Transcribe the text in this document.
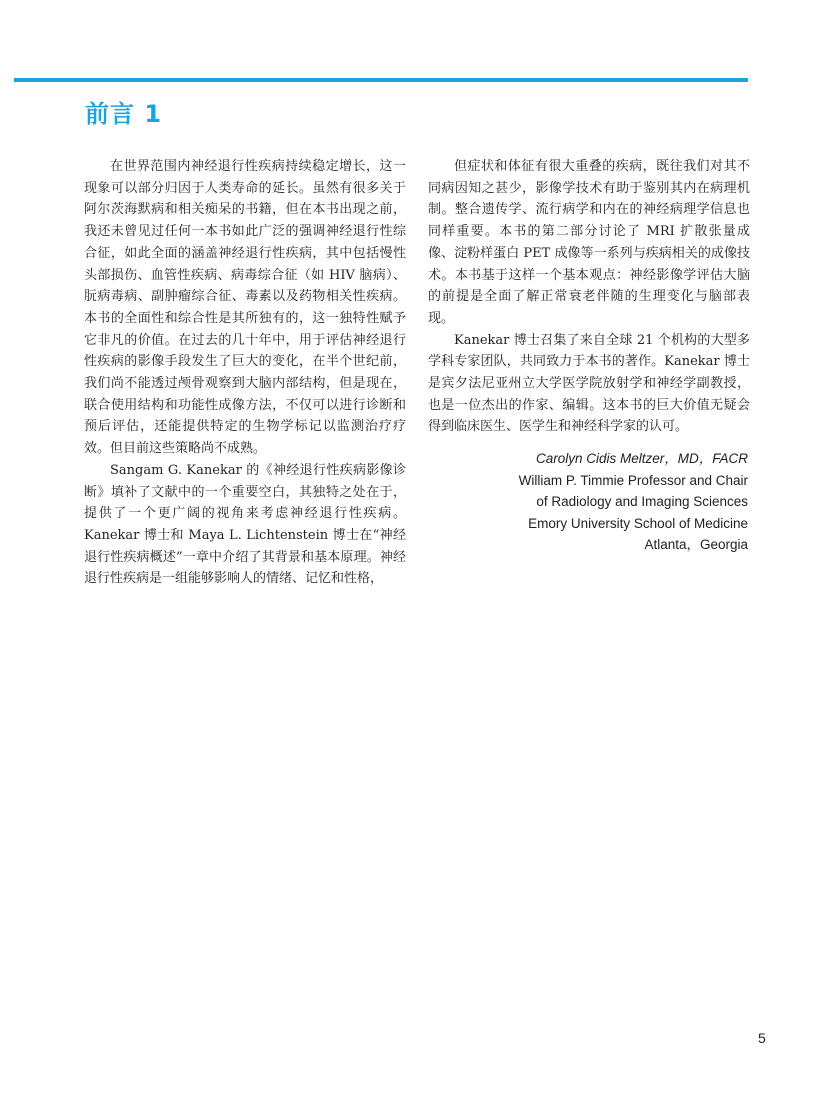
前言 1

在世界范围内神经退行性疾病持续稳定增长，这一现象可以部分归因于人类寿命的延长。虽然有很多关于阿尔茨海默病和相关痴呆的书籍，但在本书出现之前，我还未曾见过任何一本书如此广泛的强调神经退行性综合征，如此全面的涵盖神经退行性疾病，其中包括慢性头部损伤、血管性疾病、病毒综合征（如 HIV 脑病）、朊病毒病、副肿瘤综合征、毒素以及药物相关性疾病。本书的全面性和综合性是其所独有的，这一独特性赋予它非凡的价值。在过去的几十年中，用于评估神经退行性疾病的影像手段发生了巨大的变化，在半个世纪前，我们尚不能透过颅骨观察到大脑内部结构，但是现在，联合使用结构和功能性成像方法，不仅可以进行诊断和预后评估，还能提供特定的生物学标记以监测治疗疗效。但目前这些策略尚不成熟。

Sangam G. Kanekar 的《神经退行性疾病影像诊断》填补了文献中的一个重要空白，其独特之处在于，提供了一个更广阔的视角来考虑神经退行性疾病。Kanekar 博士和 Maya L. Lichtenstein 博士在“神经退行性疾病概述”一章中介绍了其背景和基本原理。神经退行性疾病是一组能够影响人的情绪、记忆和性格，

但症状和体征有很大重叠的疾病，既往我们对其不同病因知之甚少，影像学技术有助于鉴别其内在病理机制。整合遗传学、流行病学和内在的神经病理学信息也同样重要。本书的第二部分讨论了 MRI 扩散张量成像、淀粉样蛋白 PET 成像等一系列与疾病相关的成像技术。本书基于这样一个基本观点：神经影像学评估大脑的前提是全面了解正常衰老伴随的生理变化与脑部表现。

Kanekar 博士召集了来自全球 21 个机构的大型多学科专家团队，共同致力于本书的著作。Kanekar 博士是宾夕法尼亚州立大学医学院放射学和神经学副教授，也是一位杰出的作家、编辑。这本书的巨大价值无疑会得到临床医生、医学生和神经科学家的认可。

Carolyn Cidis Meltzer，MD，FACR
William P. Timmie Professor and Chair
of Radiology and Imaging Sciences
Emory University School of Medicine
Atlanta，Georgia
5
